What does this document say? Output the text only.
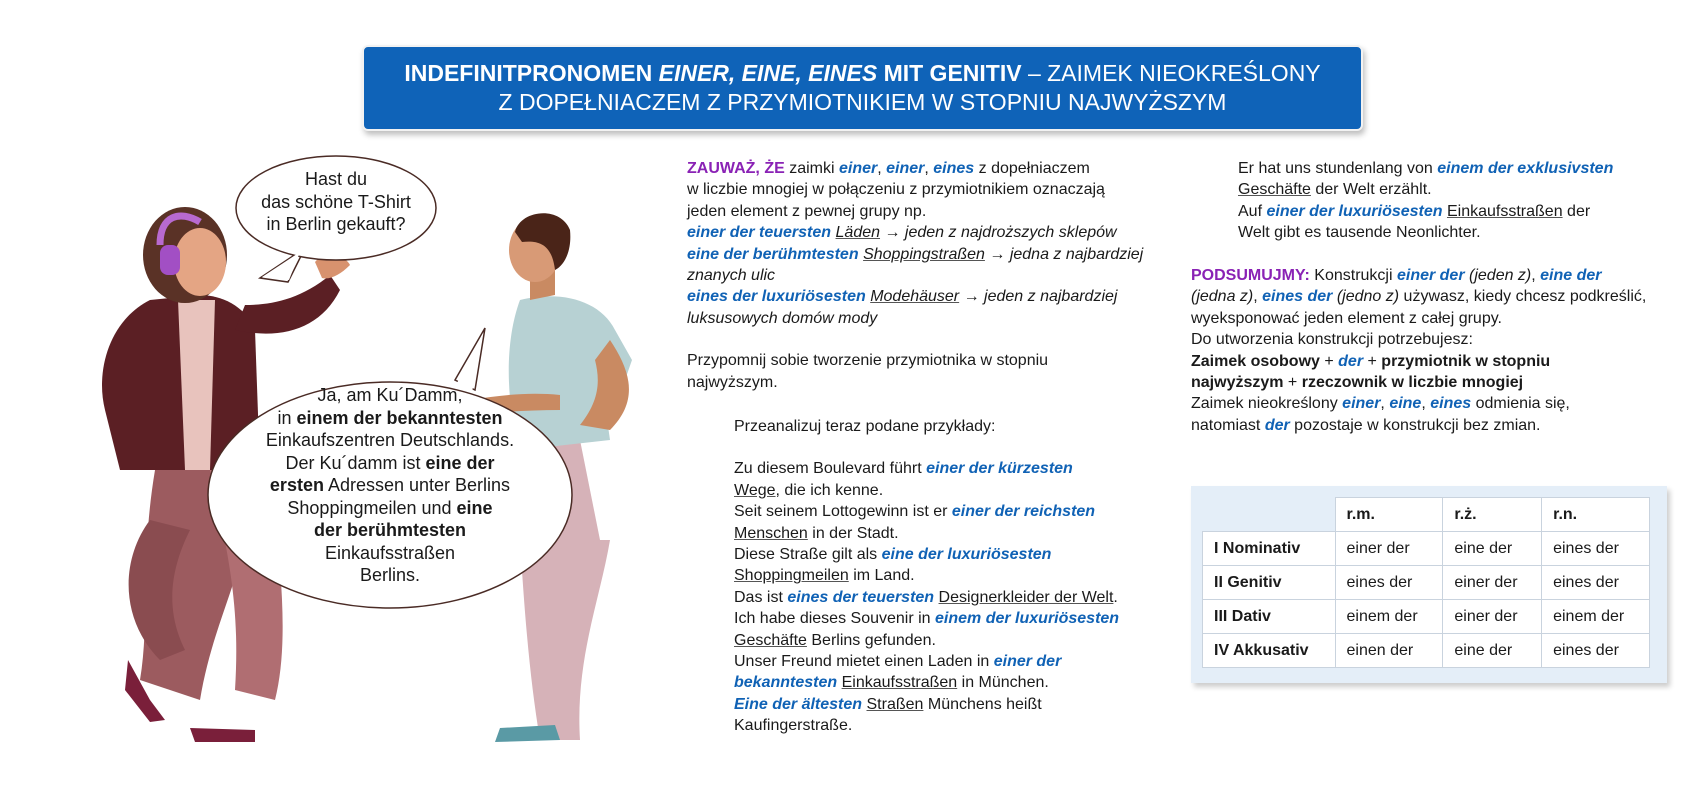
INDEFINITPRONOMEN EINER, EINE, EINES MIT GENITIV – ZAIMEK NIEOKREŚLONY
Z DOPEŁNIACZEM Z PRZYMIOTNIKIEM W STOPNIU NAJWYŻSZYM
Hast du
das schöne T-Shirt
in Berlin gekauft?
Ja, am Ku´Damm,
in einem der bekanntesten
Einkaufszentren Deutschlands.
Der Ku´damm ist eine der
ersten Adressen unter Berlins
Shoppingmeilen und eine
der berühmtesten
Einkaufsstraßen
Berlins.

ZAUWAŻ, ŻE zaimki einer, einer, eines z dopełniaczem

w liczbie mnogiej w połączeniu z przymiotnikiem oznaczają

jeden element z pewnej grupy np.

einer der teuersten Läden → jeden z najdroższych sklepów

eine der berühmtesten Shoppingstraßen → jedna z najbardziej

znanych ulic

eines der luxuriösesten Modehäuser → jeden z najbardziej

luksusowych domów mody

Przypomnij sobie tworzenie przymiotnika w stopniu

najwyższym.

Przeanalizuj teraz podane przykłady:

Zu diesem Boulevard führt einer der kürzesten

Wege, die ich kenne.

Seit seinem Lottogewinn ist er einer der reichsten

Menschen in der Stadt.

Diese Straße gilt als eine der luxuriösesten

Shoppingmeilen im Land.

Das ist eines der teuersten Designerkleider der Welt.

Ich habe dieses Souvenir in einem der luxuriösesten

Geschäfte Berlins gefunden.

Unser Freund mietet einen Laden in einer der

bekanntesten Einkaufsstraßen in München.

Eine der ältesten Straßen Münchens heißt

Kaufingerstraße.

Er hat uns stundenlang von einem der exklusivsten

Geschäfte der Welt erzählt.

Auf einer der luxuriösesten Einkaufsstraßen der

Welt gibt es tausende Neonlichter.

PODSUMUJMY: Konstrukcji einer der (jeden z), eine der

(jedna z), eines der (jedno z) używasz, kiedy chcesz podkreślić,

wyeksponować jeden element z całej grupy.

Do utworzenia konstrukcji potrzebujesz:

Zaimek osobowy + der + przymiotnik w stopniu

najwyższym + rzeczownik w liczbie mnogiej

Zaimek nieokreślony einer, eine, eines odmienia się,

natomiast der pozostaje w konstrukcji bez zmian.

	r.m.	r.ż.	r.n.
I Nominativ	einer der	eine der	eines der
II Genitiv	eines der	einer der	eines der
III Dativ	einem der	einer der	einem der
IV Akkusativ	einen der	eine der	eines der
